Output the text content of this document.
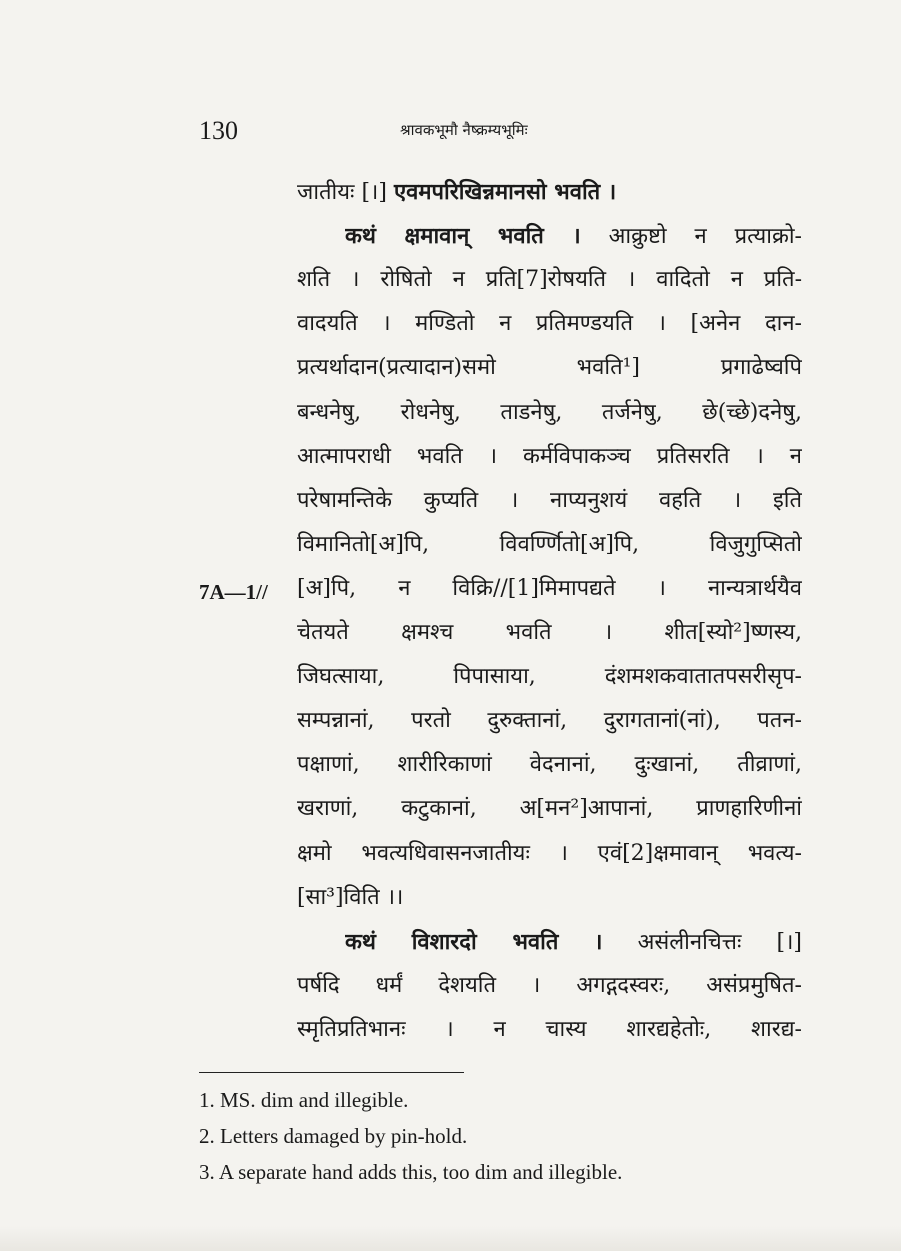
130	श्रावकभूमौ नैष्क्रम्यभूमिः
जातीयः [।] एवमपरिखिन्नमानसो भवति ।
कथं क्षमावान् भवति । आक्रुष्टो न प्रत्याक्रो-
शति । रोषितो न प्रति[7]रोषयति । वादितो न प्रति-
वादयति । मण्डितो न प्रतिमण्डयति । [अनेन दान-
प्रत्यर्थादान(प्रत्यादान)समो भवति¹] प्रगाढेष्वपि
बन्धनेषु, रोधनेषु, ताडनेषु, तर्जनेषु, छे(च्छे)दनेषु,
आत्मापराधी भवति । कर्मविपाकञ्च प्रतिसरति । न
परेषामन्तिके कुप्यति । नाप्यनुशयं वहति । इति
विमानितो[अ]पि, विवर्ण्णितो[अ]पि, विजुगुप्सितो
[अ]पि, न विक्रि//[1]मिमापद्यते । नान्यत्रार्थयैव
चेतयते क्षमश्च भवति । शीत[स्यो²]ष्णस्य,
जिघत्साया, पिपासाया, दंशमशकवातातपसरीसृप-
सम्पन्नानां, परतो दुरुक्तानां, दुरागतानां(नां), पतन-
पक्षाणां, शारीरिकाणां वेदनानां, दुःखानां, तीव्राणां,
खराणां, कटुकानां, अ[मन²]आपानां, प्राणहारिणीनां
क्षमो भवत्यधिवासनजातीयः । एवं[2]क्षमावान् भवत्य-
[सा³]विति ।।
कथं विशारदो भवति । असंलीनचित्तः [।]
पर्षदि धर्मं देशयति । अगद्गदस्वरः, असंप्रमुषित-
स्मृतिप्रतिभानः । न चास्य शारद्यहेतोः, शारद्य-
7A—1//
1. MS. dim and illegible.
2. Letters damaged by pin-hold.
3. A separate hand adds this, too dim and illegible.
